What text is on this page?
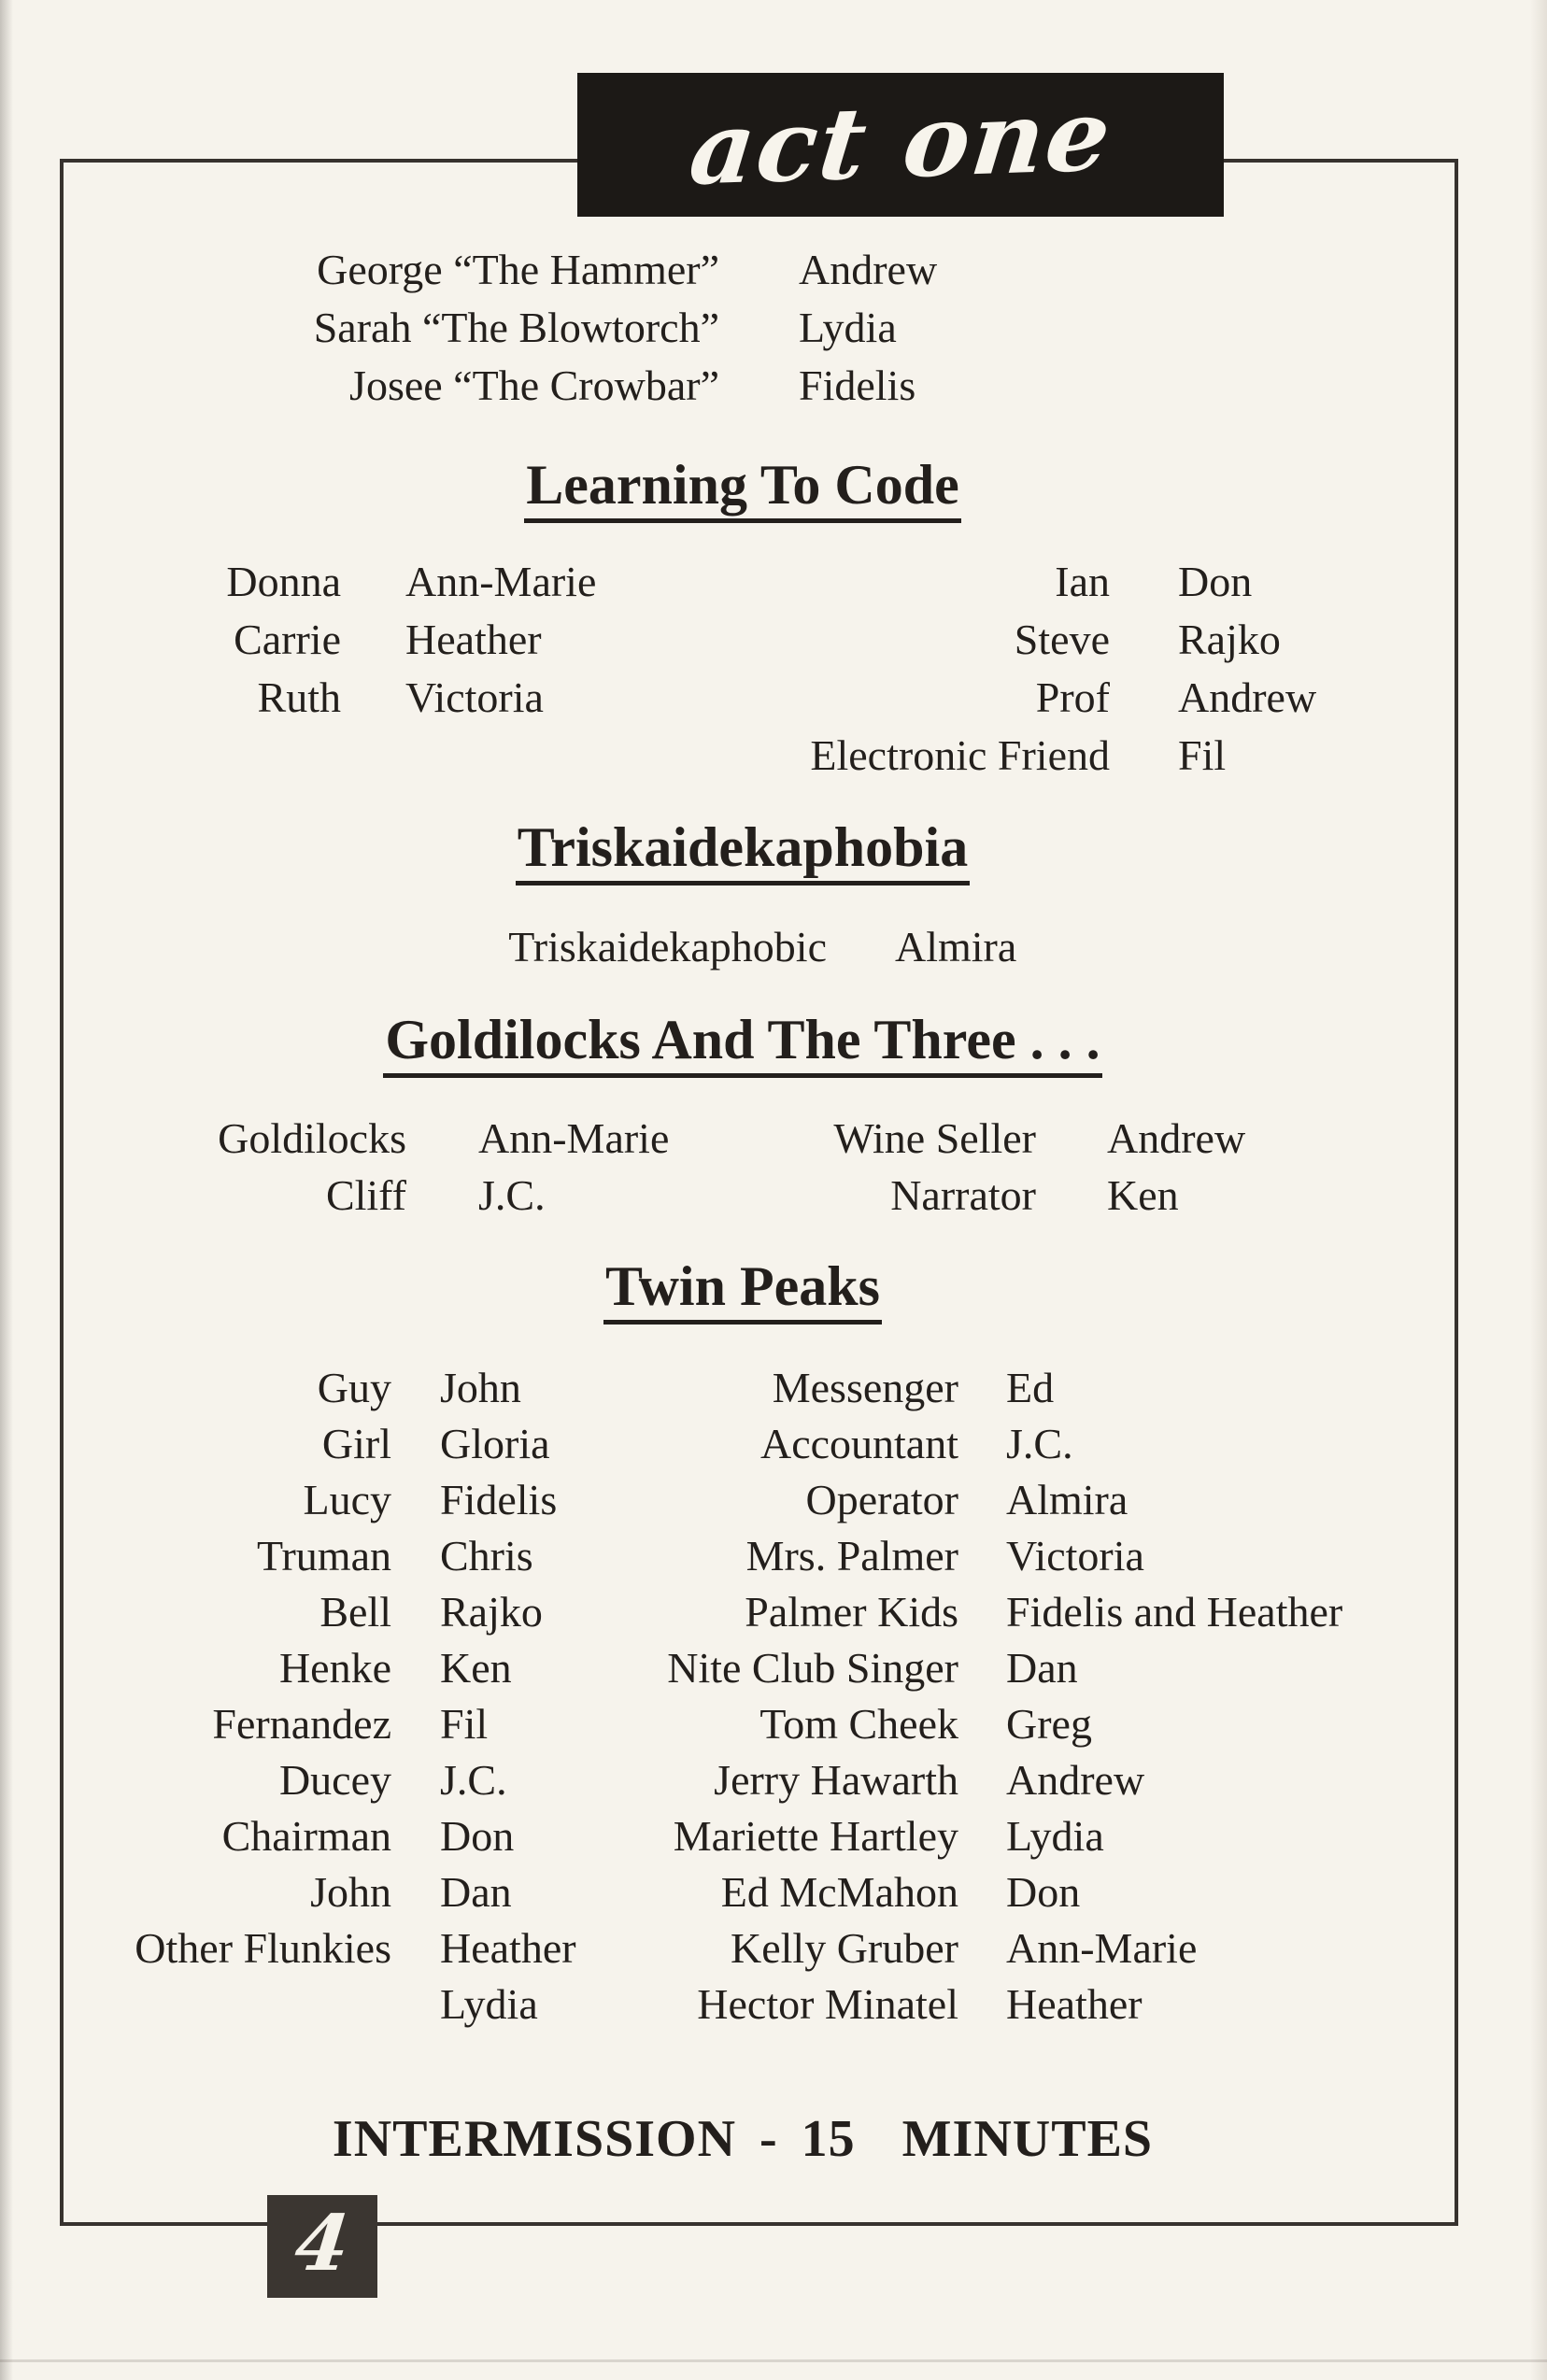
act one
George “The Hammer” Andrew
Sarah “The Blowtorch” Lydia
Josee “The Crowbar” Fidelis
Learning To Code
Donna Ann-Marie	Ian Don
Carrie Heather	Steve Rajko
Ruth Victoria	Prof Andrew
Electronic Friend Fil
Triskaidekaphobia
Triskaidekaphobic Almira
Goldilocks And The Three . . .
Goldilocks Ann-Marie	Wine Seller Andrew
Cliff J.C.	Narrator Ken
Twin Peaks
Guy John	Messenger Ed
Girl Gloria	Accountant J.C.
Lucy Fidelis	Operator Almira
Truman Chris	Mrs. Palmer Victoria
Bell Rajko	Palmer Kids Fidelis and Heather
Henke Ken	Nite Club Singer Dan
Fernandez Fil	Tom Cheek Greg
Ducey J.C.	Jerry Hawarth Andrew
Chairman Don	Mariette Hartley Lydia
John Dan	Ed McMahon Don
Other Flunkies Heather	Kelly Gruber Ann-Marie
Lydia	Hector Minatel Heather
INTERMISSION - 15  MINUTES
4
